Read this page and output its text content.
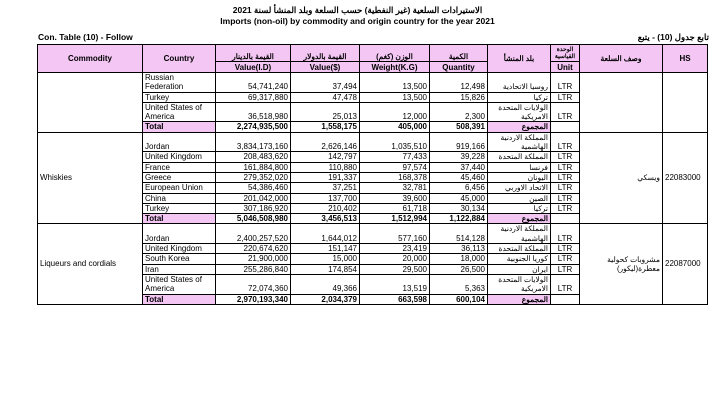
الاستيرادات السلعية (غير النفطية) حسب السلعة وبلد المنشأ لسنة 2021
Imports (non-oil) by commodity and origin country for the year 2021
Con. Table (10) - Follow	تابع جدول (10) - يتبع
Commodity	Country	القيمة بالدينار	القيمة بالدولار	الوزن (كغم)	الكمية	بلد المنشأ	الوحدة القياسية	وصف السلعة	HS
		Value(I.D)	Value($)	Weight(K.G)	Quantity		Unit		
	Russian Federation	54,741,240	37,494	13,500	12,498	روسيا الاتحادية	LTR		
	Turkey	69,317,880	47,478	13,500	15,826	تركيا	LTR		
	United States of America	36,518,980	25,013	12,000	2,300	الولايات المتحدة الامريكية	LTR		
	Total	2,274,935,500	1,558,175	405,000	508,391	المجموع			
Whiskies	Jordan	3,834,173,160	2,626,146	1,035,510	919,166	المملكة الاردنية الهاشمية	LTR	ويسكي	22083000
	United Kingdom	208,483,620	142,797	77,433	39,228	المملكة المتحدة	LTR		
	France	161,884,800	110,880	97,574	37,440	فرنسا	LTR		
	Greece	279,352,020	191,337	168,378	45,460	اليونان	LTR		
	European Union	54,386,460	37,251	32,781	6,456	الاتحاد الاوربي	LTR		
	China	201,042,000	137,700	39,600	45,000	الصين	LTR		
	Turkey	307,186,920	210,402	61,718	30,134	تركيا	LTR		
	Total	5,046,508,980	3,456,513	1,512,994	1,122,884	المجموع			
Liqueurs and cordials	Jordan	2,400,257,520	1,644,012	577,160	514,128	المملكة الاردنية الهاشمية	LTR	مشروبات كحولية معطرة(ليكور)	22087000
	United Kingdom	220,674,620	151,147	23,419	36,113	المملكة المتحدة	LTR		
	South Korea	21,900,000	15,000	20,000	18,000	كوريا الجنوبية	LTR		
	Iran	255,286,840	174,854	29,500	26,500	ايران	LTR		
	United States of America	72,074,360	49,366	13,519	5,363	الولايات المتحدة الامريكية	LTR		
	Total	2,970,193,340	2,034,379	663,598	600,104	المجموع			
